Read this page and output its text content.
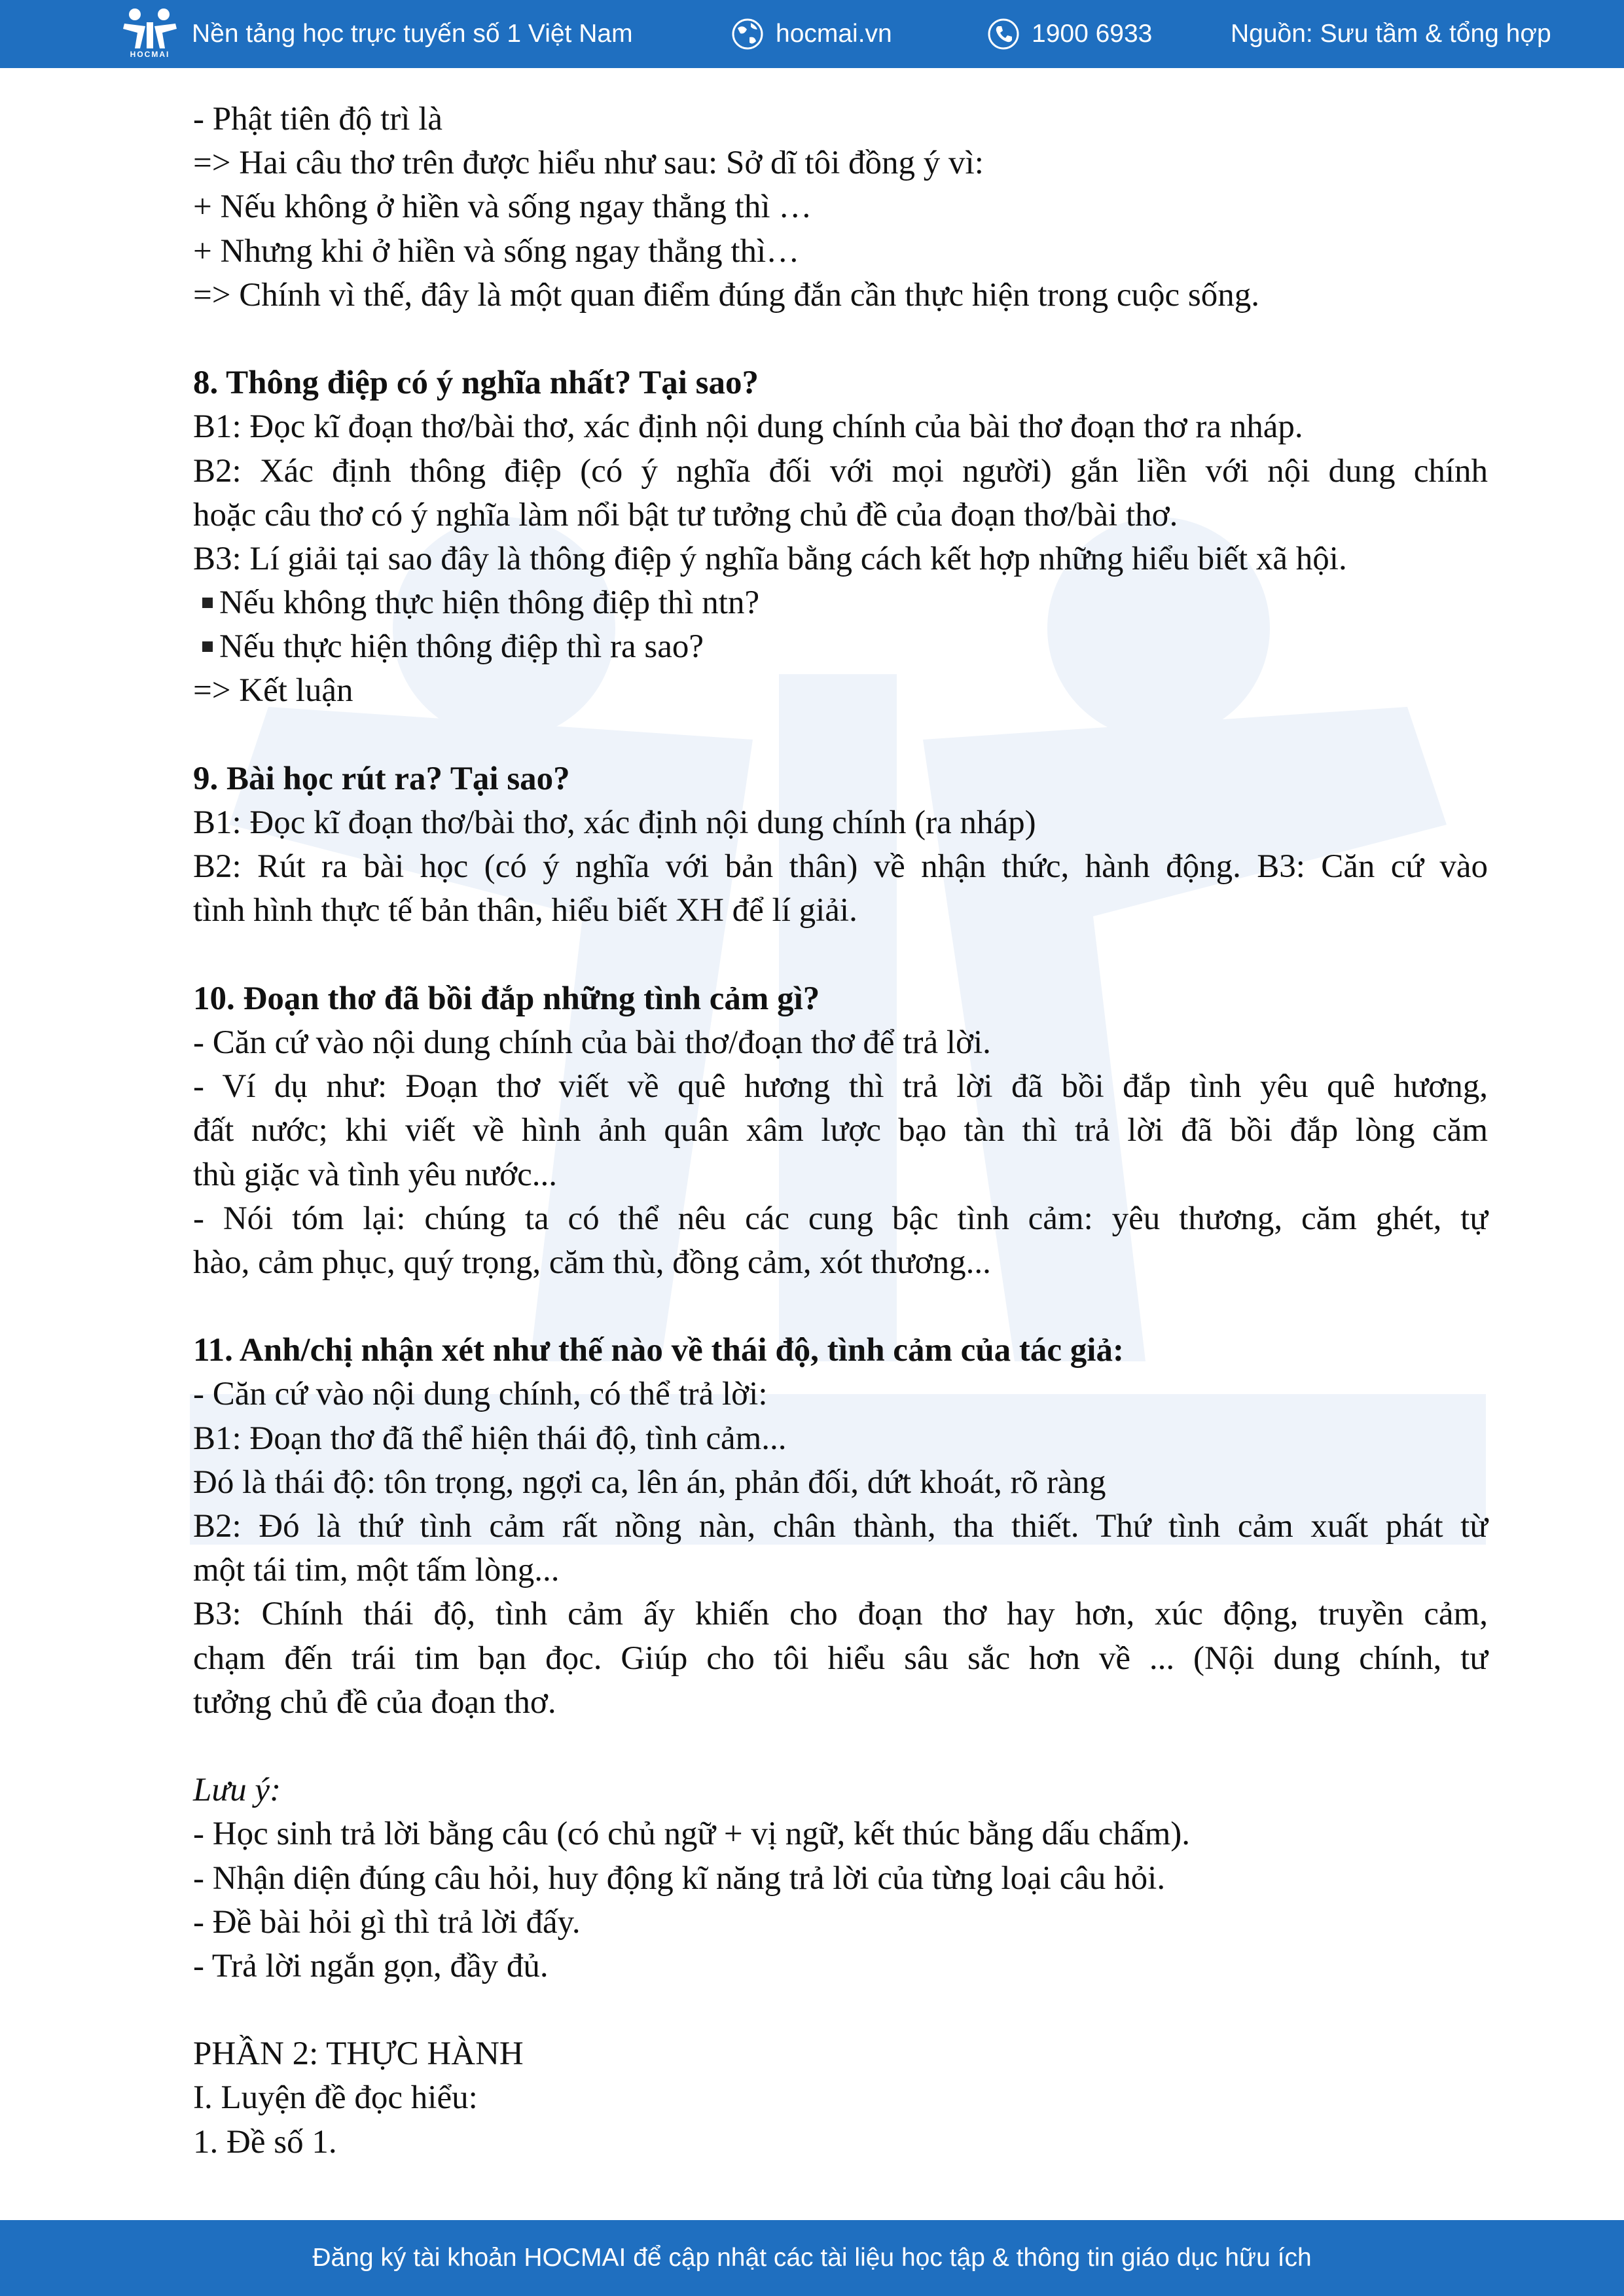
HOCMAI
Nền tảng học trực tuyến số 1 Việt Nam	hocmai.vn	1900 6933	Nguồn: Sưu tầm & tổng hợp
- Phật tiên độ trì là
=> Hai câu thơ trên được hiểu như sau: Sở dĩ tôi đồng ý vì:
+ Nếu không ở hiền và sống ngay thẳng thì …
+ Nhưng khi ở hiền và sống ngay thẳng thì…
=> Chính vì thế, đây là một quan điểm đúng đắn cần thực hiện trong cuộc sống.
8. Thông điệp có ý nghĩa nhất? Tại sao?
B1: Đọc kĩ đoạn thơ/bài thơ, xác định nội dung chính của bài thơ đoạn thơ ra nháp.
B2: Xác định thông điệp (có ý nghĩa đối với mọi người) gắn liền với nội dung chính
hoặc câu thơ có ý nghĩa làm nổi bật tư tưởng chủ đề của đoạn thơ/bài thơ.
B3: Lí giải tại sao đây là thông điệp ý nghĩa bằng cách kết hợp những hiểu biết xã hội.
Nếu không thực hiện thông điệp thì ntn?
Nếu thực hiện thông điệp thì ra sao?
=> Kết luận
9. Bài học rút ra? Tại sao?
B1: Đọc kĩ đoạn thơ/bài thơ, xác định nội dung chính (ra nháp)
B2: Rút ra bài học (có ý nghĩa với bản thân) về nhận thức, hành động. B3: Căn cứ vào
tình hình thực tế bản thân, hiểu biết XH để lí giải.
10. Đoạn thơ đã bồi đắp những tình cảm gì?
- Căn cứ vào nội dung chính của bài thơ/đoạn thơ để trả lời.
- Ví dụ như: Đoạn thơ viết về quê hương thì trả lời đã bồi đắp tình yêu quê hương,
đất nước; khi viết về hình ảnh quân xâm lược bạo tàn thì trả lời đã bồi đắp lòng căm
thù giặc và tình yêu nước...
- Nói tóm lại: chúng ta có thể nêu các cung bậc tình cảm: yêu thương, căm ghét, tự
hào, cảm phục, quý trọng, căm thù, đồng cảm, xót thương...
11. Anh/chị nhận xét như thế nào về thái độ, tình cảm của tác giả:
- Căn cứ vào nội dung chính, có thể trả lời:
B1: Đoạn thơ đã thể hiện thái độ, tình cảm...
Đó là thái độ: tôn trọng, ngợi ca, lên án, phản đối, dứt khoát, rõ ràng
B2: Đó là thứ tình cảm rất nồng nàn, chân thành, tha thiết. Thứ tình cảm xuất phát từ
một tái tim, một tấm lòng...
B3: Chính thái độ, tình cảm ấy khiến cho đoạn thơ hay hơn, xúc động, truyền cảm,
chạm đến trái tim bạn đọc. Giúp cho tôi hiểu sâu sắc hơn về ... (Nội dung chính, tư
tưởng chủ đề của đoạn thơ.
Lưu ý:
- Học sinh trả lời bằng câu (có chủ ngữ + vị ngữ, kết thúc bằng dấu chấm).
- Nhận diện đúng câu hỏi, huy động kĩ năng trả lời của từng loại câu hỏi.
- Đề bài hỏi gì thì trả lời đấy.
- Trả lời ngắn gọn, đầy đủ.
PHẦN 2: THỰC HÀNH
I. Luyện đề đọc hiểu:
1. Đề số 1.
Đăng ký tài khoản HOCMAI để cập nhật các tài liệu học tập & thông tin giáo dục hữu ích
